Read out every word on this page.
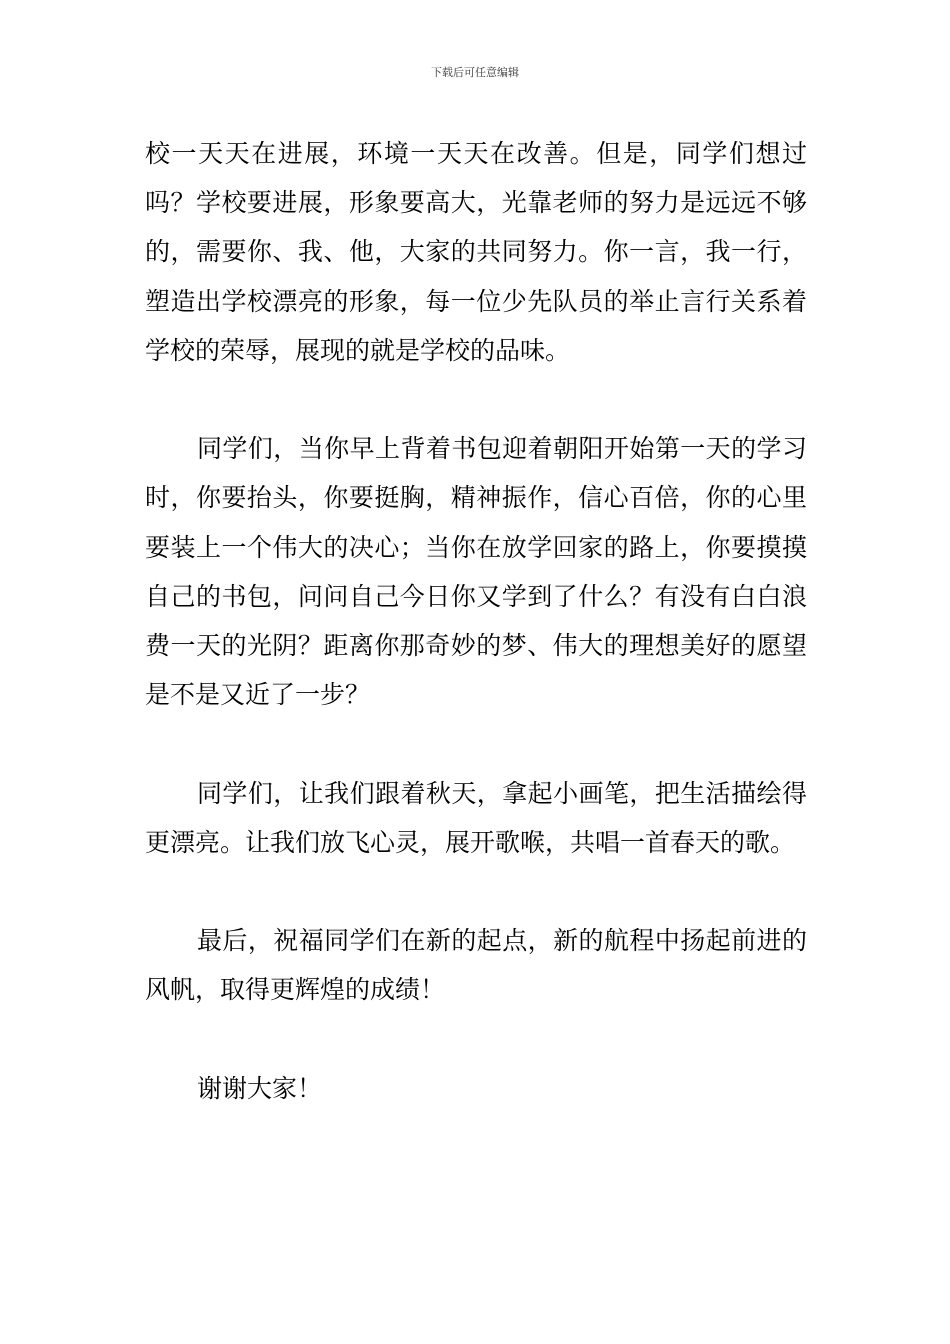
下载后可任意编辑

校一天天在进展，环境一天天在改善。但是，同学们想过吗？学校要进展，形象要高大，光靠老师的努力是远远不够的，需要你、我、他，大家的共同努力。你一言，我一行，塑造出学校漂亮的形象，每一位少先队员的举止言行关系着学校的荣辱，展现的就是学校的品味。

同学们，当你早上背着书包迎着朝阳开始第一天的学习时，你要抬头，你要挺胸，精神振作，信心百倍，你的心里要装上一个伟大的决心；当你在放学回家的路上，你要摸摸自己的书包，问问自己今日你又学到了什么？有没有白白浪费一天的光阴？距离你那奇妙的梦、伟大的理想美好的愿望是不是又近了一步？

同学们，让我们跟着秋天，拿起小画笔，把生活描绘得更漂亮。让我们放飞心灵，展开歌喉，共唱一首春天的歌。

最后，祝福同学们在新的起点，新的航程中扬起前进的风帆，取得更辉煌的成绩！

谢谢大家！
